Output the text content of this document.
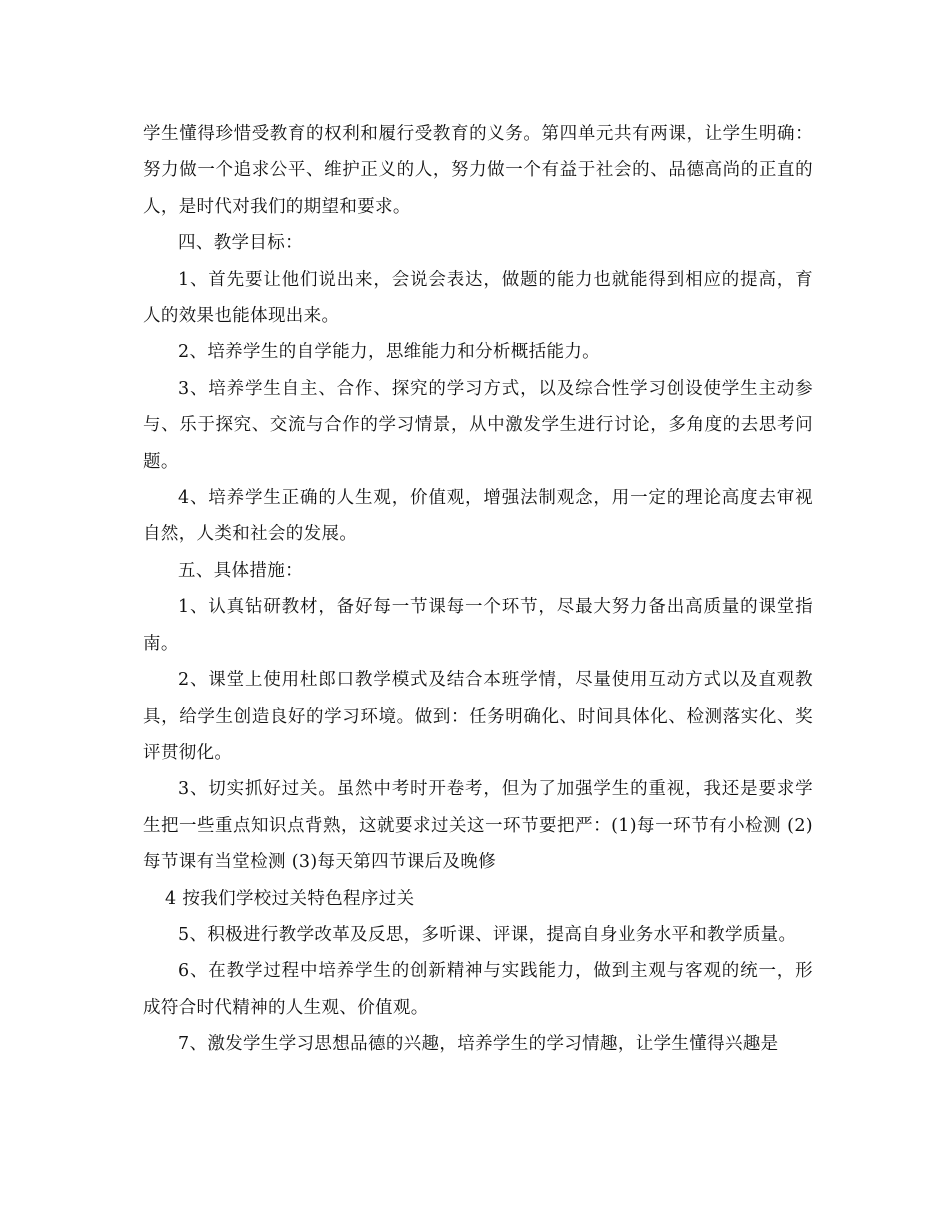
学生懂得珍惜受教育的权利和履行受教育的义务。第四单元共有两课，让学生明确：努力做一个追求公平、维护正义的人，努力做一个有益于社会的、品德高尚的正直的人，是时代对我们的期望和要求。

四、教学目标：

1、首先要让他们说出来，会说会表达，做题的能力也就能得到相应的提高，育人的效果也能体现出来。

2、培养学生的自学能力，思维能力和分析概括能力。

3、培养学生自主、合作、探究的学习方式，以及综合性学习创设使学生主动参与、乐于探究、交流与合作的学习情景，从中激发学生进行讨论，多角度的去思考问题。

4、培养学生正确的人生观，价值观，增强法制观念，用一定的理论高度去审视自然，人类和社会的发展。

五、具体措施：

1、认真钻研教材，备好每一节课每一个环节，尽最大努力备出高质量的课堂指南。

2、课堂上使用杜郎口教学模式及结合本班学情，尽量使用互动方式以及直观教具，给学生创造良好的学习环境。做到：任务明确化、时间具体化、检测落实化、奖评贯彻化。

3、切实抓好过关。虽然中考时开卷考，但为了加强学生的重视，我还是要求学生把一些重点知识点背熟，这就要求过关这一环节要把严：(1)每一环节有小检测 (2)每节课有当堂检测 (3)每天第四节课后及晚修

4 按我们学校过关特色程序过关

5、积极进行教学改革及反思，多听课、评课，提高自身业务水平和教学质量。

6、在教学过程中培养学生的创新精神与实践能力，做到主观与客观的统一，形成符合时代精神的人生观、价值观。

7、激发学生学习思想品德的兴趣，培养学生的学习情趣，让学生懂得兴趣是
